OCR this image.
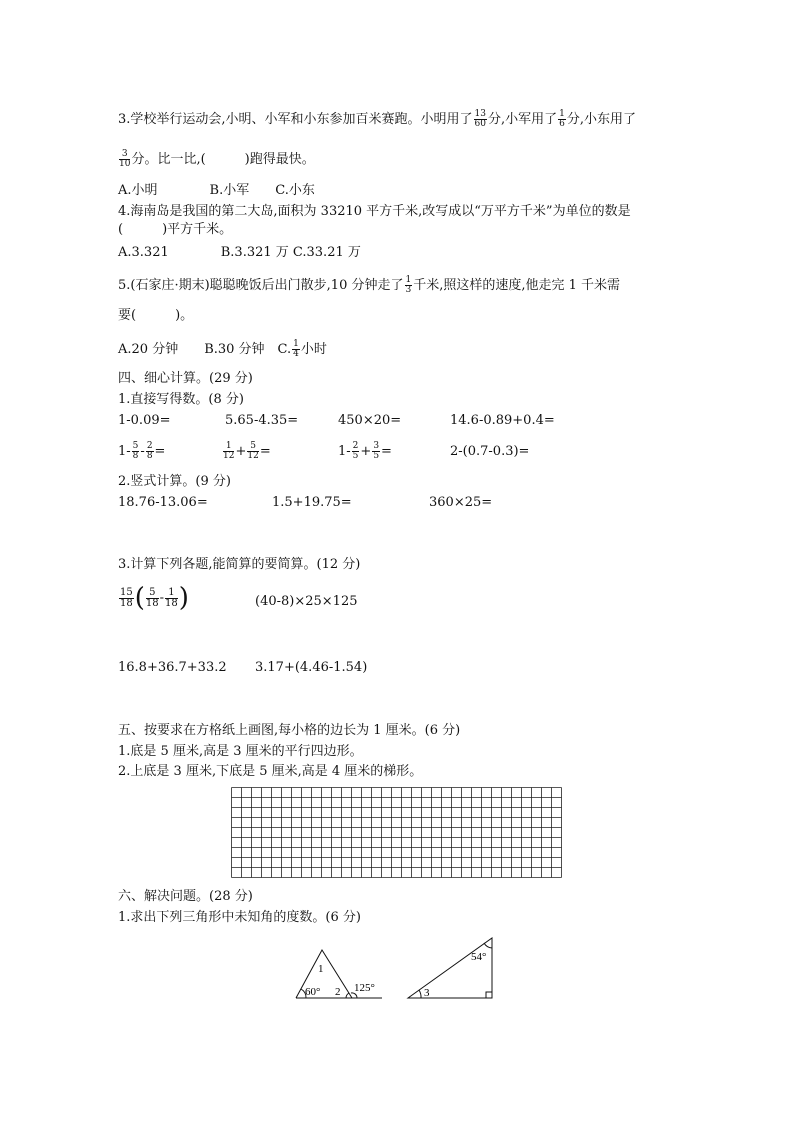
3.学校举行运动会,小明、小军和小东参加百米赛跑。小明用了 $\frac{13}{60}$ 分,小军用了 $\frac{1}{6}$ 分,小东用了
$\frac{3}{10}$ 分。比一比,(　　　)跑得最快。
A.小明　　　　B.小军　　C.小东
4.海南岛是我国的第二大岛,面积为 33210 平方千米,改写成以“万平方千米”为单位的数是
(　　　)平方千米。
A.3.321　　　　B.3.321 万 C.33.21 万
5.(石家庄·期末)聪聪晚饭后出门散步,10 分钟走了 $\frac{1}{3}$ 千米,照这样的速度,他走完 1 千米需
要(　　　)。
A.20 分钟　　B.30 分钟　C. $\frac{1}{4}$ 小时
四、细心计算。(29 分)
1.直接写得数。(8 分)
1-0.09=	5.65-4.35=	450×20=	14.6-0.89+0.4=
$1- \frac{5}{8} - \frac{2}{8}$ =	$\frac{1}{12} + \frac{5}{12}$ =	$1- \frac{2}{5} + \frac{3}{5}$ =	2-(0.7-0.3)=
2.竖式计算。(9 分)
18.76-13.06=	1.5+19.75=	360×25=
3.计算下列各题,能简算的要简算。(12 分)
$\frac{15}{18}$ ( $\frac{5}{18} - \frac{1}{18}$ )	(40-8)×25×125
16.8+36.7+33.2 3.17+(4.46-1.54)
五、按要求在方格纸上画图,每小格的边长为 1 厘米。(6 分)
1.底是 5 厘米,高是 3 厘米的平行四边形。
2.上底是 3 厘米,下底是 5 厘米,高是 4 厘米的梯形。
六、解决问题。(28 分)
1.求出下列三角形中未知角的度数。(6 分)
1
2
60°	125°
54°
3
